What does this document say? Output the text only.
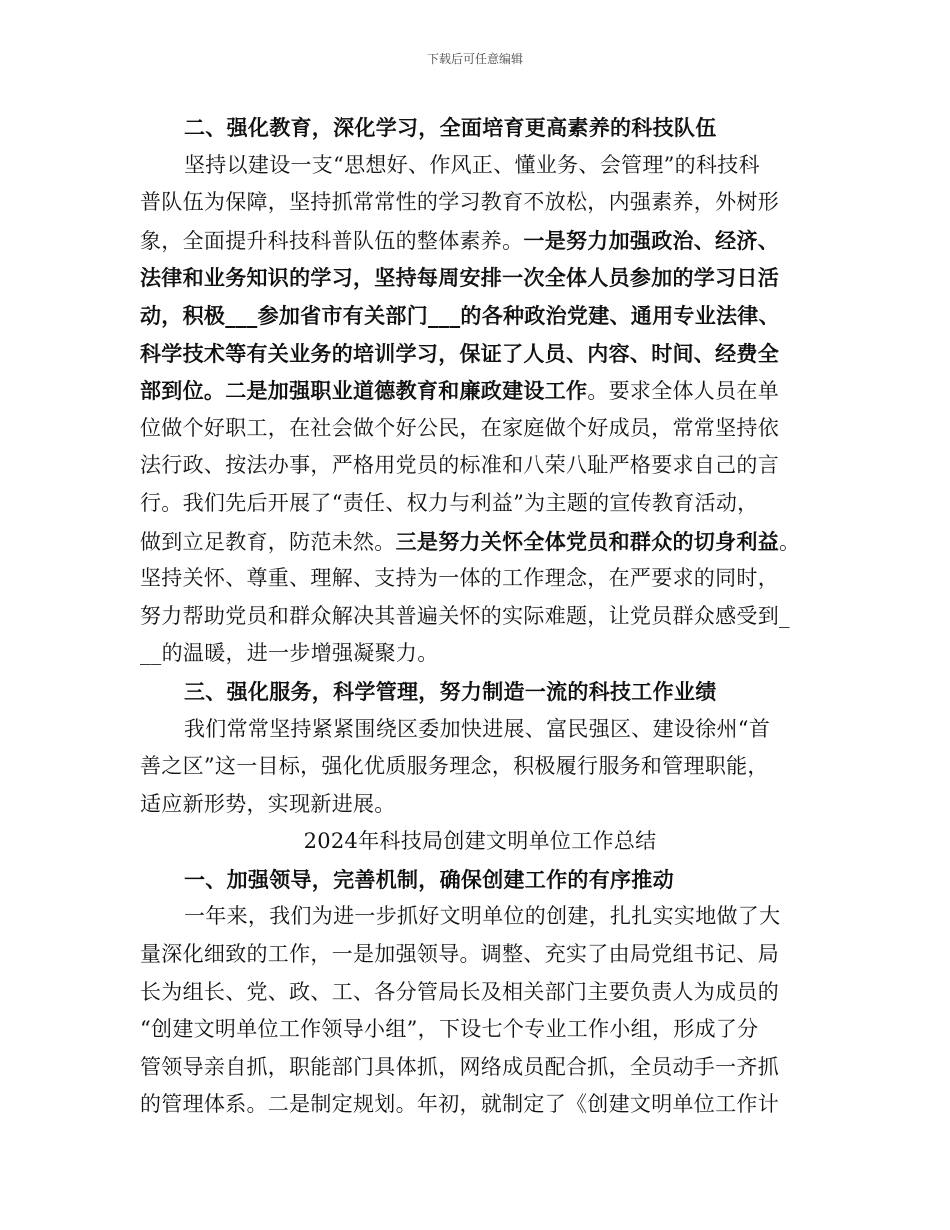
下载后可任意编辑
二、强化教育，深化学习，全面培育更高素养的科技队伍
坚持以建设一支“思想好、作风正、懂业务、会管理”的科技科
普队伍为保障，坚持抓常常性的学习教育不放松，内强素养，外树形
象，全面提升科技科普队伍的整体素养。一是努力加强政治、经济、
法律和业务知识的学习，坚持每周安排一次全体人员参加的学习日活
动，积极___参加省市有关部门___的各种政治党建、通用专业法律、
科学技术等有关业务的培训学习，保证了人员、内容、时间、经费全
部到位。二是加强职业道德教育和廉政建设工作。要求全体人员在单
位做个好职工，在社会做个好公民，在家庭做个好成员，常常坚持依
法行政、按法办事，严格用党员的标准和八荣八耻严格要求自己的言
行。我们先后开展了“责任、权力与利益”为主题的宣传教育活动，
做到立足教育，防范未然。三是努力关怀全体党员和群众的切身利益。
坚持关怀、尊重、理解、支持为一体的工作理念，在严要求的同时，
努力帮助党员和群众解决其普遍关怀的实际难题，让党员群众感受到_
__的温暖，进一步增强凝聚力。
三、强化服务，科学管理，努力制造一流的科技工作业绩
我们常常坚持紧紧围绕区委加快进展、富民强区、建设徐州“首
善之区”这一目标，强化优质服务理念，积极履行服务和管理职能，
适应新形势，实现新进展。
2024年科技局创建文明单位工作总结
一、加强领导，完善机制，确保创建工作的有序推动
一年来，我们为进一步抓好文明单位的创建，扎扎实实地做了大
量深化细致的工作，一是加强领导。调整、充实了由局党组书记、局
长为组长、党、政、工、各分管局长及相关部门主要负责人为成员的
“创建文明单位工作领导小组”，下设七个专业工作小组，形成了分
管领导亲自抓，职能部门具体抓，网络成员配合抓，全员动手一齐抓
的管理体系。二是制定规划。年初，就制定了《创建文明单位工作计
